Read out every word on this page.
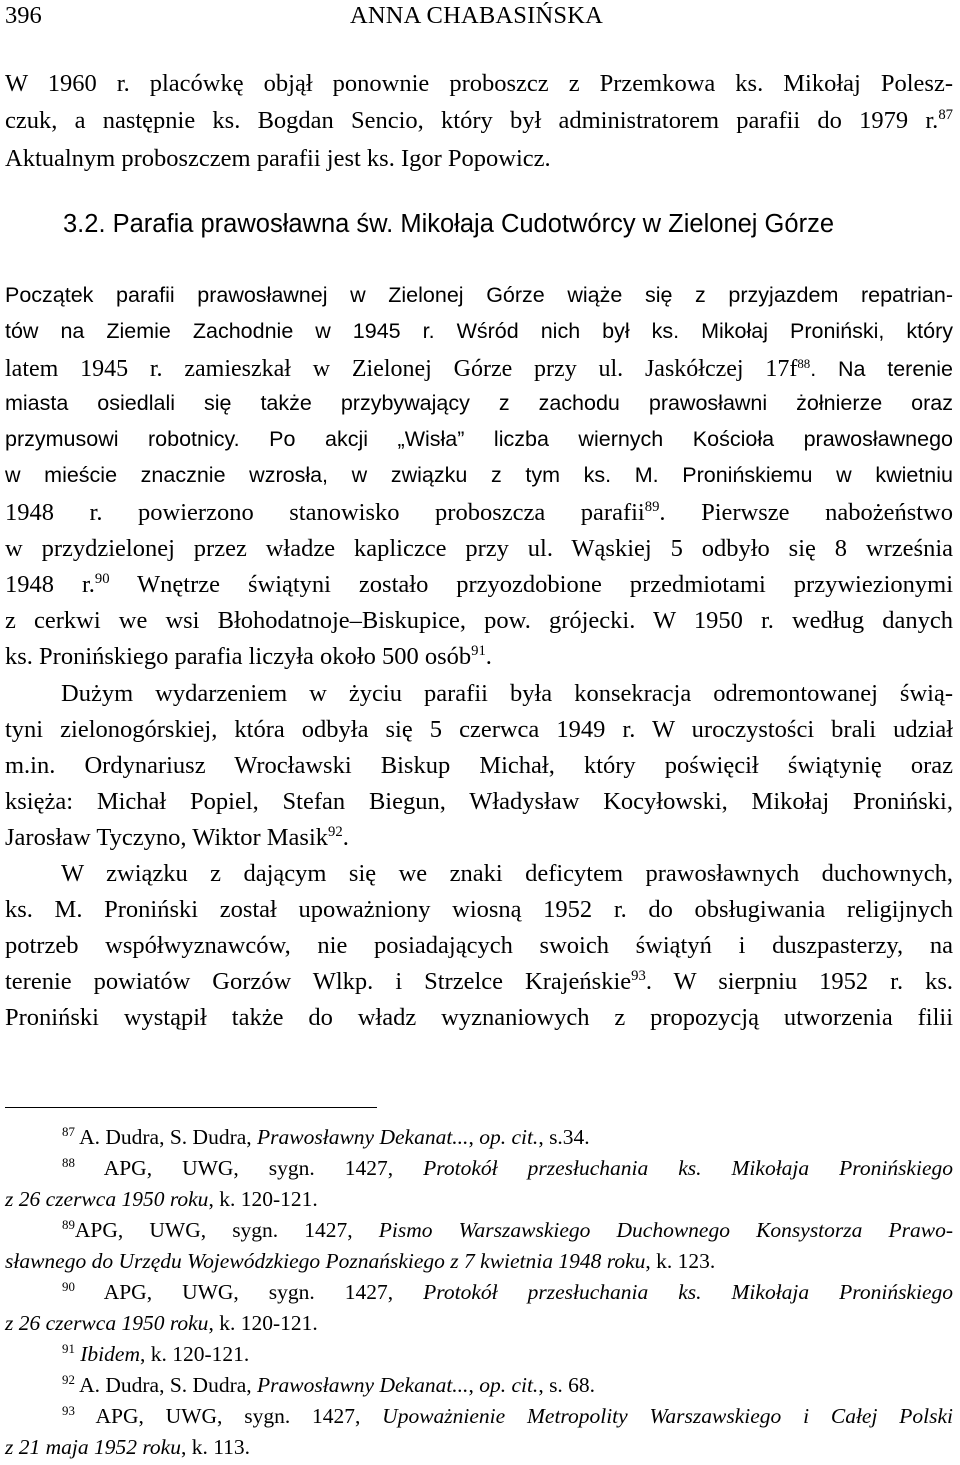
396	ANNA CHABASIŃSKA
W 1960 r. placówkę objął ponownie proboszcz z Przemkowa ks. Mikołaj Polesz-
czuk, a następnie ks. Bogdan Sencio, który był administratorem parafii do 1979 r.$^{87}$
Aktualnym proboszczem parafii jest ks. Igor Popowicz.
3.2. Parafia prawosławna św. Mikołaja Cudotwórcy w Zielonej Górze
Początek parafii prawosławnej w Zielonej Górze wiąże się z przyjazdem repatrian-
tów na Ziemie Zachodnie w 1945 r. Wśród nich był ks. Mikołaj Proniński, który
latem 1945 r. zamieszkał w Zielonej Górze przy ul. Jaskółczej $17f^{88}$. Na terenie
miasta osiedlali się także przybywający z zachodu prawosławni żołnierze oraz
przymusowi robotnicy. Po akcji „Wisła” liczba wiernych Kościoła prawosławnego
w mieście znacznie wzrosła, w związku z tym ks. M. Pronińskiemu w kwietniu
1948 r. powierzono stanowisko proboszcza parafii$^{89}$. Pierwsze nabożeństwo
w przydzielonej przez władze kapliczce przy ul. Wąskiej 5 odbyło się 8 września
1948 r.$^{90}$ Wnętrze świątyni zostało przyozdobione przedmiotami przywiezionymi
z cerkwi we wsi Błohodatnoje–Biskupice, pow. grójecki. W 1950 r. według danych
ks. Pronińskiego parafia liczyła około 500 osób$^{91}$.
Dużym wydarzeniem w życiu parafii była konsekracja odremontowanej świą-
tyni zielonogórskiej, która odbyła się 5 czerwca 1949 r. W uroczystości brali udział
m.in. Ordynariusz Wrocławski Biskup Michał, który poświęcił świątynię oraz
księża: Michał Popiel, Stefan Biegun, Władysław Kocyłowski, Mikołaj Proniński,
Jarosław Tyczyno, Wiktor Masik$^{92}$.
W związku z dającym się we znaki deficytem prawosławnych duchownych,
ks. M. Proniński został upoważniony wiosną 1952 r. do obsługiwania religijnych
potrzeb współwyznawców, nie posiadających swoich świątyń i duszpasterzy, na
terenie powiatów Gorzów Wlkp. i Strzelce Krajeńskie$^{93}$. W sierpniu 1952 r. ks.
Proniński wystąpił także do władz wyznaniowych z propozycją utworzenia filii
$^{87}$ A. Dudra, S. Dudra, Prawosławny Dekanat..., op. cit., s.34.
$^{88}$ APG, UWG, sygn. 1427, Protokół przesłuchania ks. Mikołaja Pronińskiego
z 26 czerwca 1950 roku, k. 120-121.
$^{89}$APG, UWG, sygn. 1427, Pismo Warszawskiego Duchownego Konsystorza Prawo-
sławnego do Urzędu Wojewódzkiego Poznańskiego z 7 kwietnia 1948 roku, k. 123.
$^{90}$ APG, UWG, sygn. 1427, Protokół przesłuchania ks. Mikołaja Pronińskiego
z 26 czerwca 1950 roku, k. 120-121.
$^{91}$ Ibidem, k. 120-121.
$^{92}$ A. Dudra, S. Dudra, Prawosławny Dekanat..., op. cit., s. 68.
$^{93}$ APG, UWG, sygn. 1427, Upoważnienie Metropolity Warszawskiego i Całej Polski
z 21 maja 1952 roku, k. 113.
